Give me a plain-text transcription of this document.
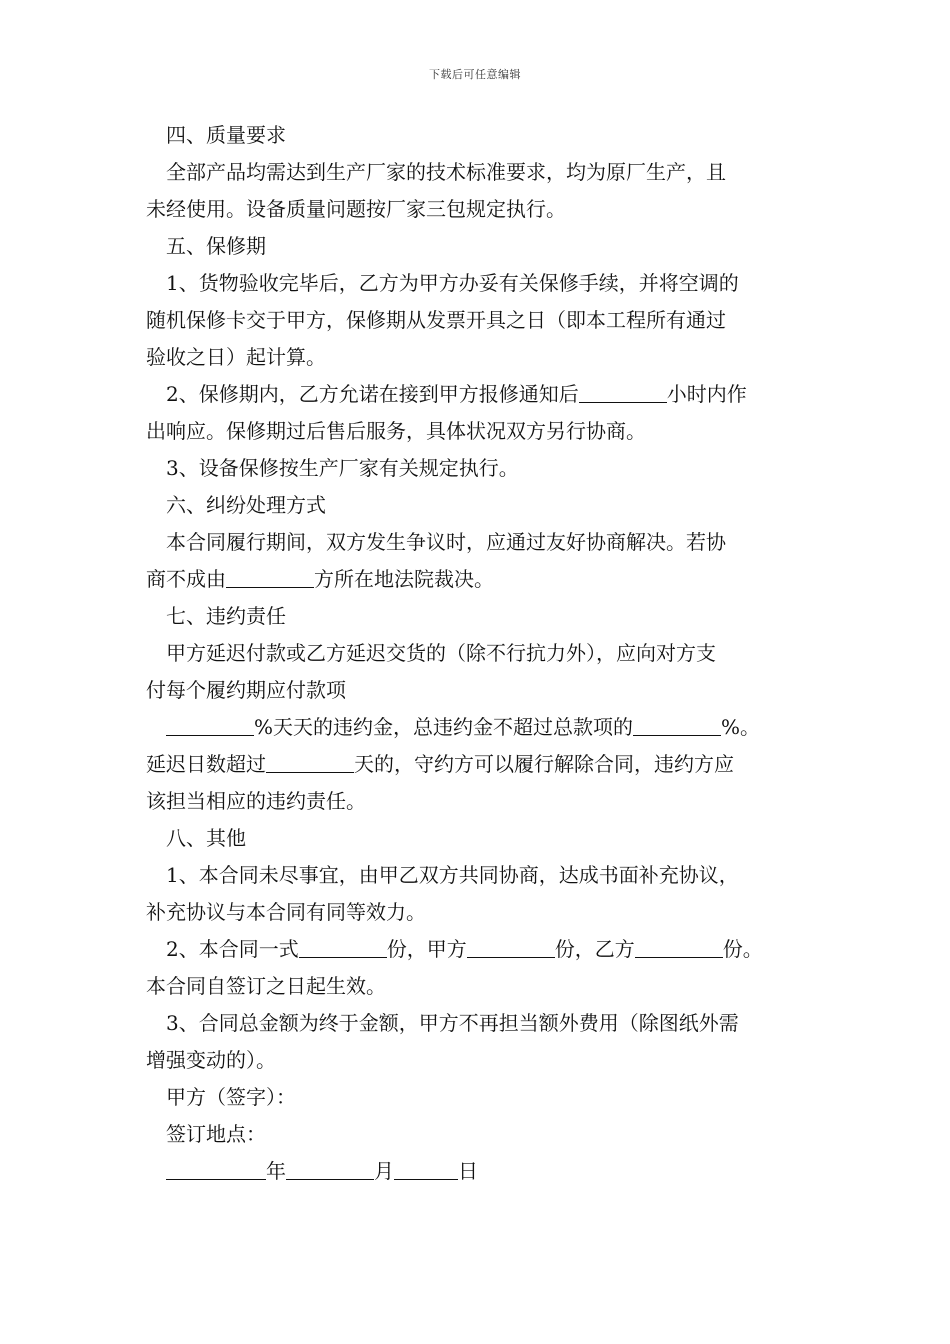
下载后可任意编辑
四、质量要求
全部产品均需达到生产厂家的技术标准要求，均为原厂生产，且
未经使用。设备质量问题按厂家三包规定执行。
五、保修期
1、货物验收完毕后，乙方为甲方办妥有关保修手续，并将空调的
随机保修卡交于甲方，保修期从发票开具之日（即本工程所有通过
验收之日）起计算。
2、保修期内，乙方允诺在接到甲方报修通知后	小时内作
出响应。保修期过后售后服务，具体状况双方另行协商。
3、设备保修按生产厂家有关规定执行。
六、纠纷处理方式
本合同履行期间，双方发生争议时，应通过友好协商解决。若协
商不成由	方所在地法院裁决。
七、违约责任
甲方延迟付款或乙方延迟交货的（除不行抗力外），应向对方支
付每个履约期应付款项
%天天的违约金，总违约金不超过总款项的	%。
延迟日数超过	天的，守约方可以履行解除合同，违约方应
该担当相应的违约责任。
八、其他
1、本合同未尽事宜，由甲乙双方共同协商，达成书面补充协议，
补充协议与本合同有同等效力。
2、本合同一式	份，甲方	份，乙方	份。
本合同自签订之日起生效。
3、合同总金额为终于金额，甲方不再担当额外费用（除图纸外需
增强变动的）。
甲方（签字）：
签订地点：
年	月	日
